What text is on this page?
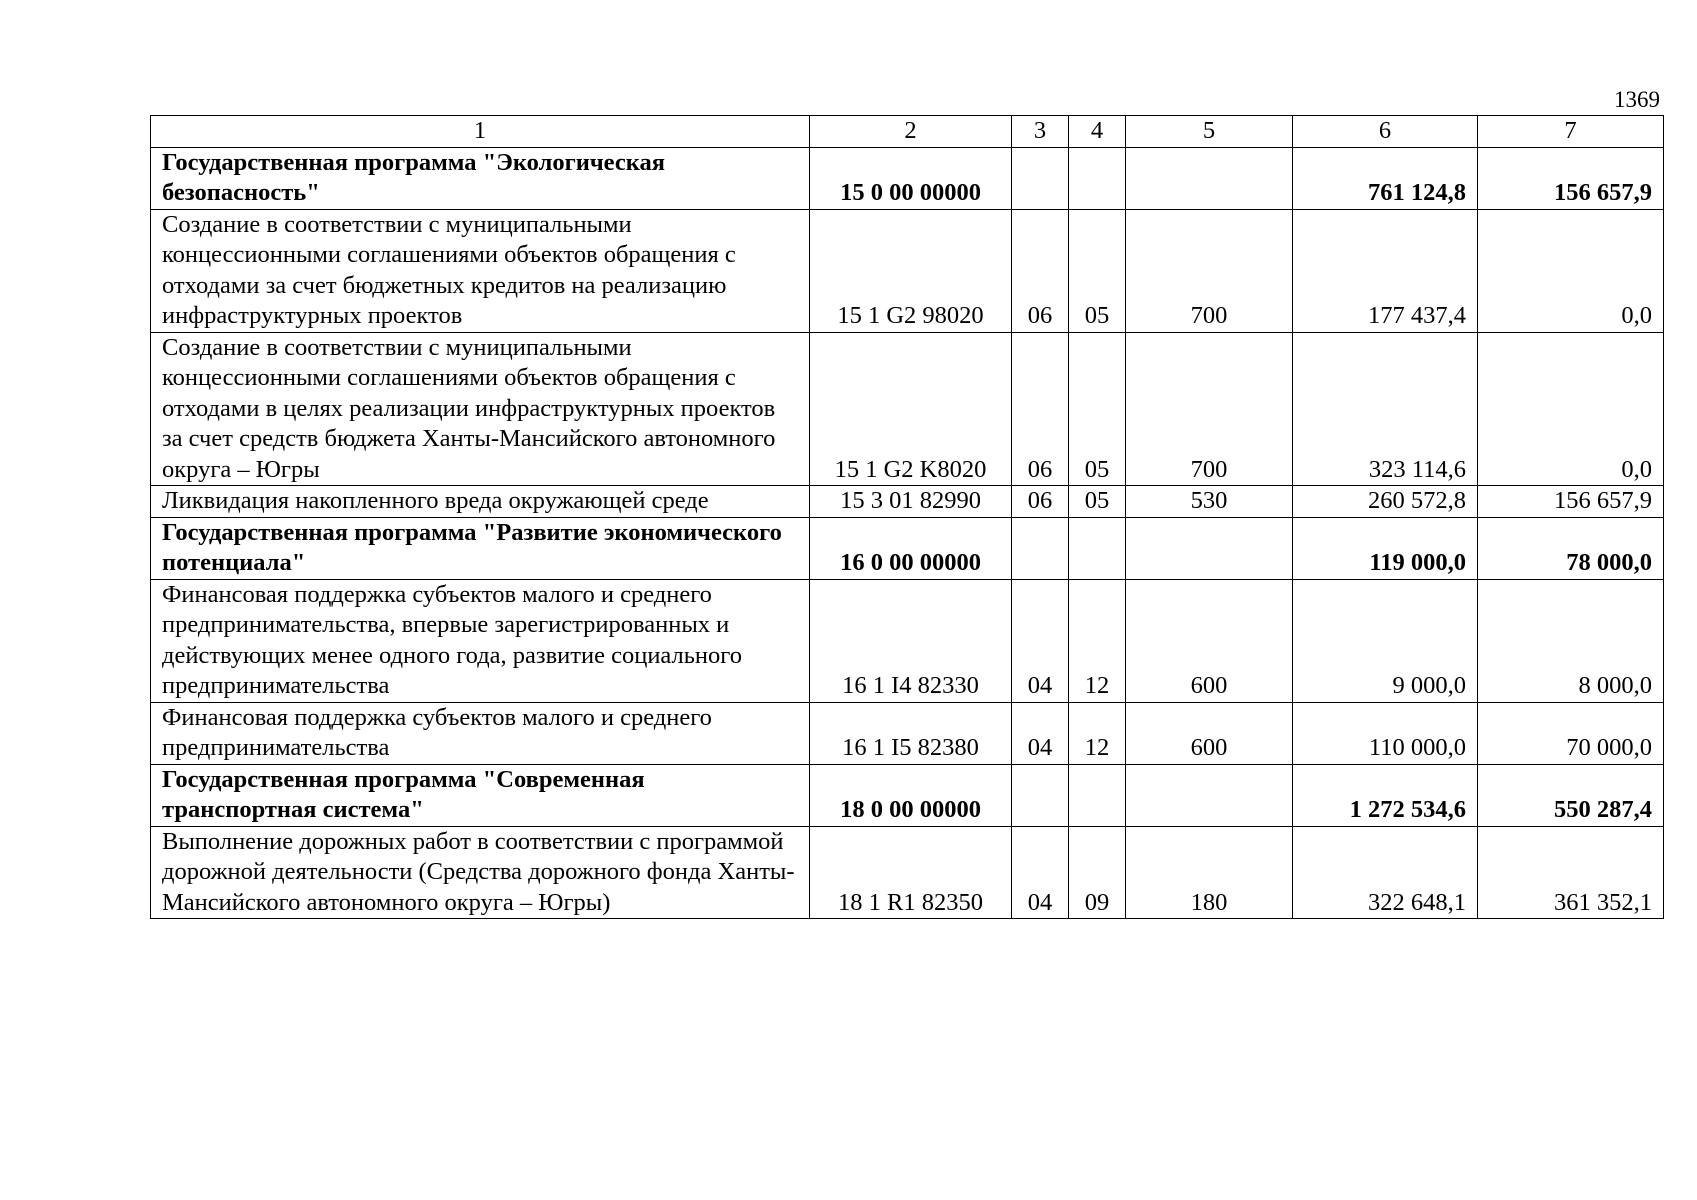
1369
1	2	3	4	5	6	7
Государственная программа "Экологическая безопасность"	15 0 00 00000				761 124,8	156 657,9
Создание в соответствии с муниципальными концессионными соглашениями объектов обращения с отходами за счет бюджетных кредитов на реализацию инфраструктурных проектов	15 1 G2 98020	06	05	700	177 437,4	0,0
Создание в соответствии с муниципальными концессионными соглашениями объектов обращения с отходами в целях реализации инфраструктурных проектов за счет средств бюджета Ханты-Мансийского автономного округа – Югры	15 1 G2 K8020	06	05	700	323 114,6	0,0
Ликвидация накопленного вреда окружающей среде	15 3 01 82990	06	05	530	260 572,8	156 657,9
Государственная программа "Развитие экономического потенциала"	16 0 00 00000				119 000,0	78 000,0
Финансовая поддержка субъектов малого и среднего предпринимательства, впервые зарегистрированных и действующих менее одного года, развитие социального предпринимательства	16 1 I4 82330	04	12	600	9 000,0	8 000,0
Финансовая поддержка субъектов малого и среднего предпринимательства	16 1 I5 82380	04	12	600	110 000,0	70 000,0
Государственная программа "Современная транспортная система"	18 0 00 00000				1 272 534,6	550 287,4
Выполнение дорожных работ в соответствии с программой дорожной деятельности (Средства дорожного фонда Ханты-Мансийского автономного округа – Югры)	18 1 R1 82350	04	09	180	322 648,1	361 352,1
